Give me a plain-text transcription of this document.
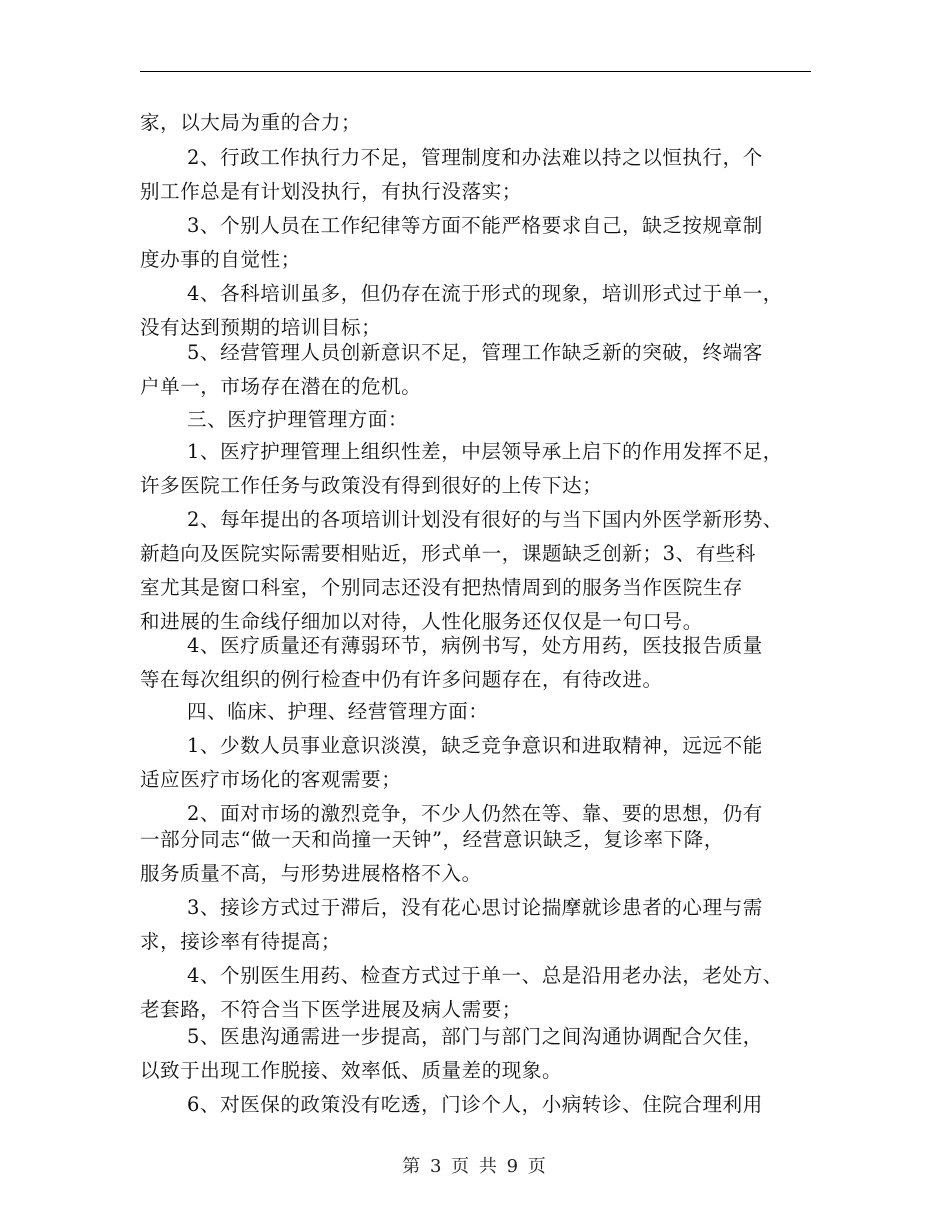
家，以大局为重的合力；
2、行政工作执行力不足，管理制度和办法难以持之以恒执行，个
别工作总是有计划没执行，有执行没落实；
3、个别人员在工作纪律等方面不能严格要求自己，缺乏按规章制
度办事的自觉性；
4、各科培训虽多，但仍存在流于形式的现象，培训形式过于单一，
没有达到预期的培训目标；
5、经营管理人员创新意识不足，管理工作缺乏新的突破，终端客
户单一，市场存在潜在的危机。
三、医疗护理管理方面：
1、医疗护理管理上组织性差，中层领导承上启下的作用发挥不足，
许多医院工作任务与政策没有得到很好的上传下达；
2、每年提出的各项培训计划没有很好的与当下国内外医学新形势、
新趋向及医院实际需要相贴近，形式单一，课题缺乏创新；3、有些科
室尤其是窗口科室，个别同志还没有把热情周到的服务当作医院生存
和进展的生命线仔细加以对待，人性化服务还仅仅是一句口号。
4、医疗质量还有薄弱环节，病例书写，处方用药，医技报告质量
等在每次组织的例行检查中仍有许多问题存在，有待改进。
四、临床、护理、经营管理方面：
1、少数人员事业意识淡漠，缺乏竞争意识和进取精神，远远不能
适应医疗市场化的客观需要；
2、面对市场的激烈竞争，不少人仍然在等、靠、要的思想，仍有
一部分同志“做一天和尚撞一天钟”，经营意识缺乏，复诊率下降，
服务质量不高，与形势进展格格不入。
3、接诊方式过于滞后，没有花心思讨论揣摩就诊患者的心理与需
求，接诊率有待提高；
4、个别医生用药、检查方式过于单一、总是沿用老办法，老处方、
老套路，不符合当下医学进展及病人需要；
5、医患沟通需进一步提高，部门与部门之间沟通协调配合欠佳，
以致于出现工作脱接、效率低、质量差的现象。
6、对医保的政策没有吃透，门诊个人，小病转诊、住院合理利用
第 3 页 共 9 页
